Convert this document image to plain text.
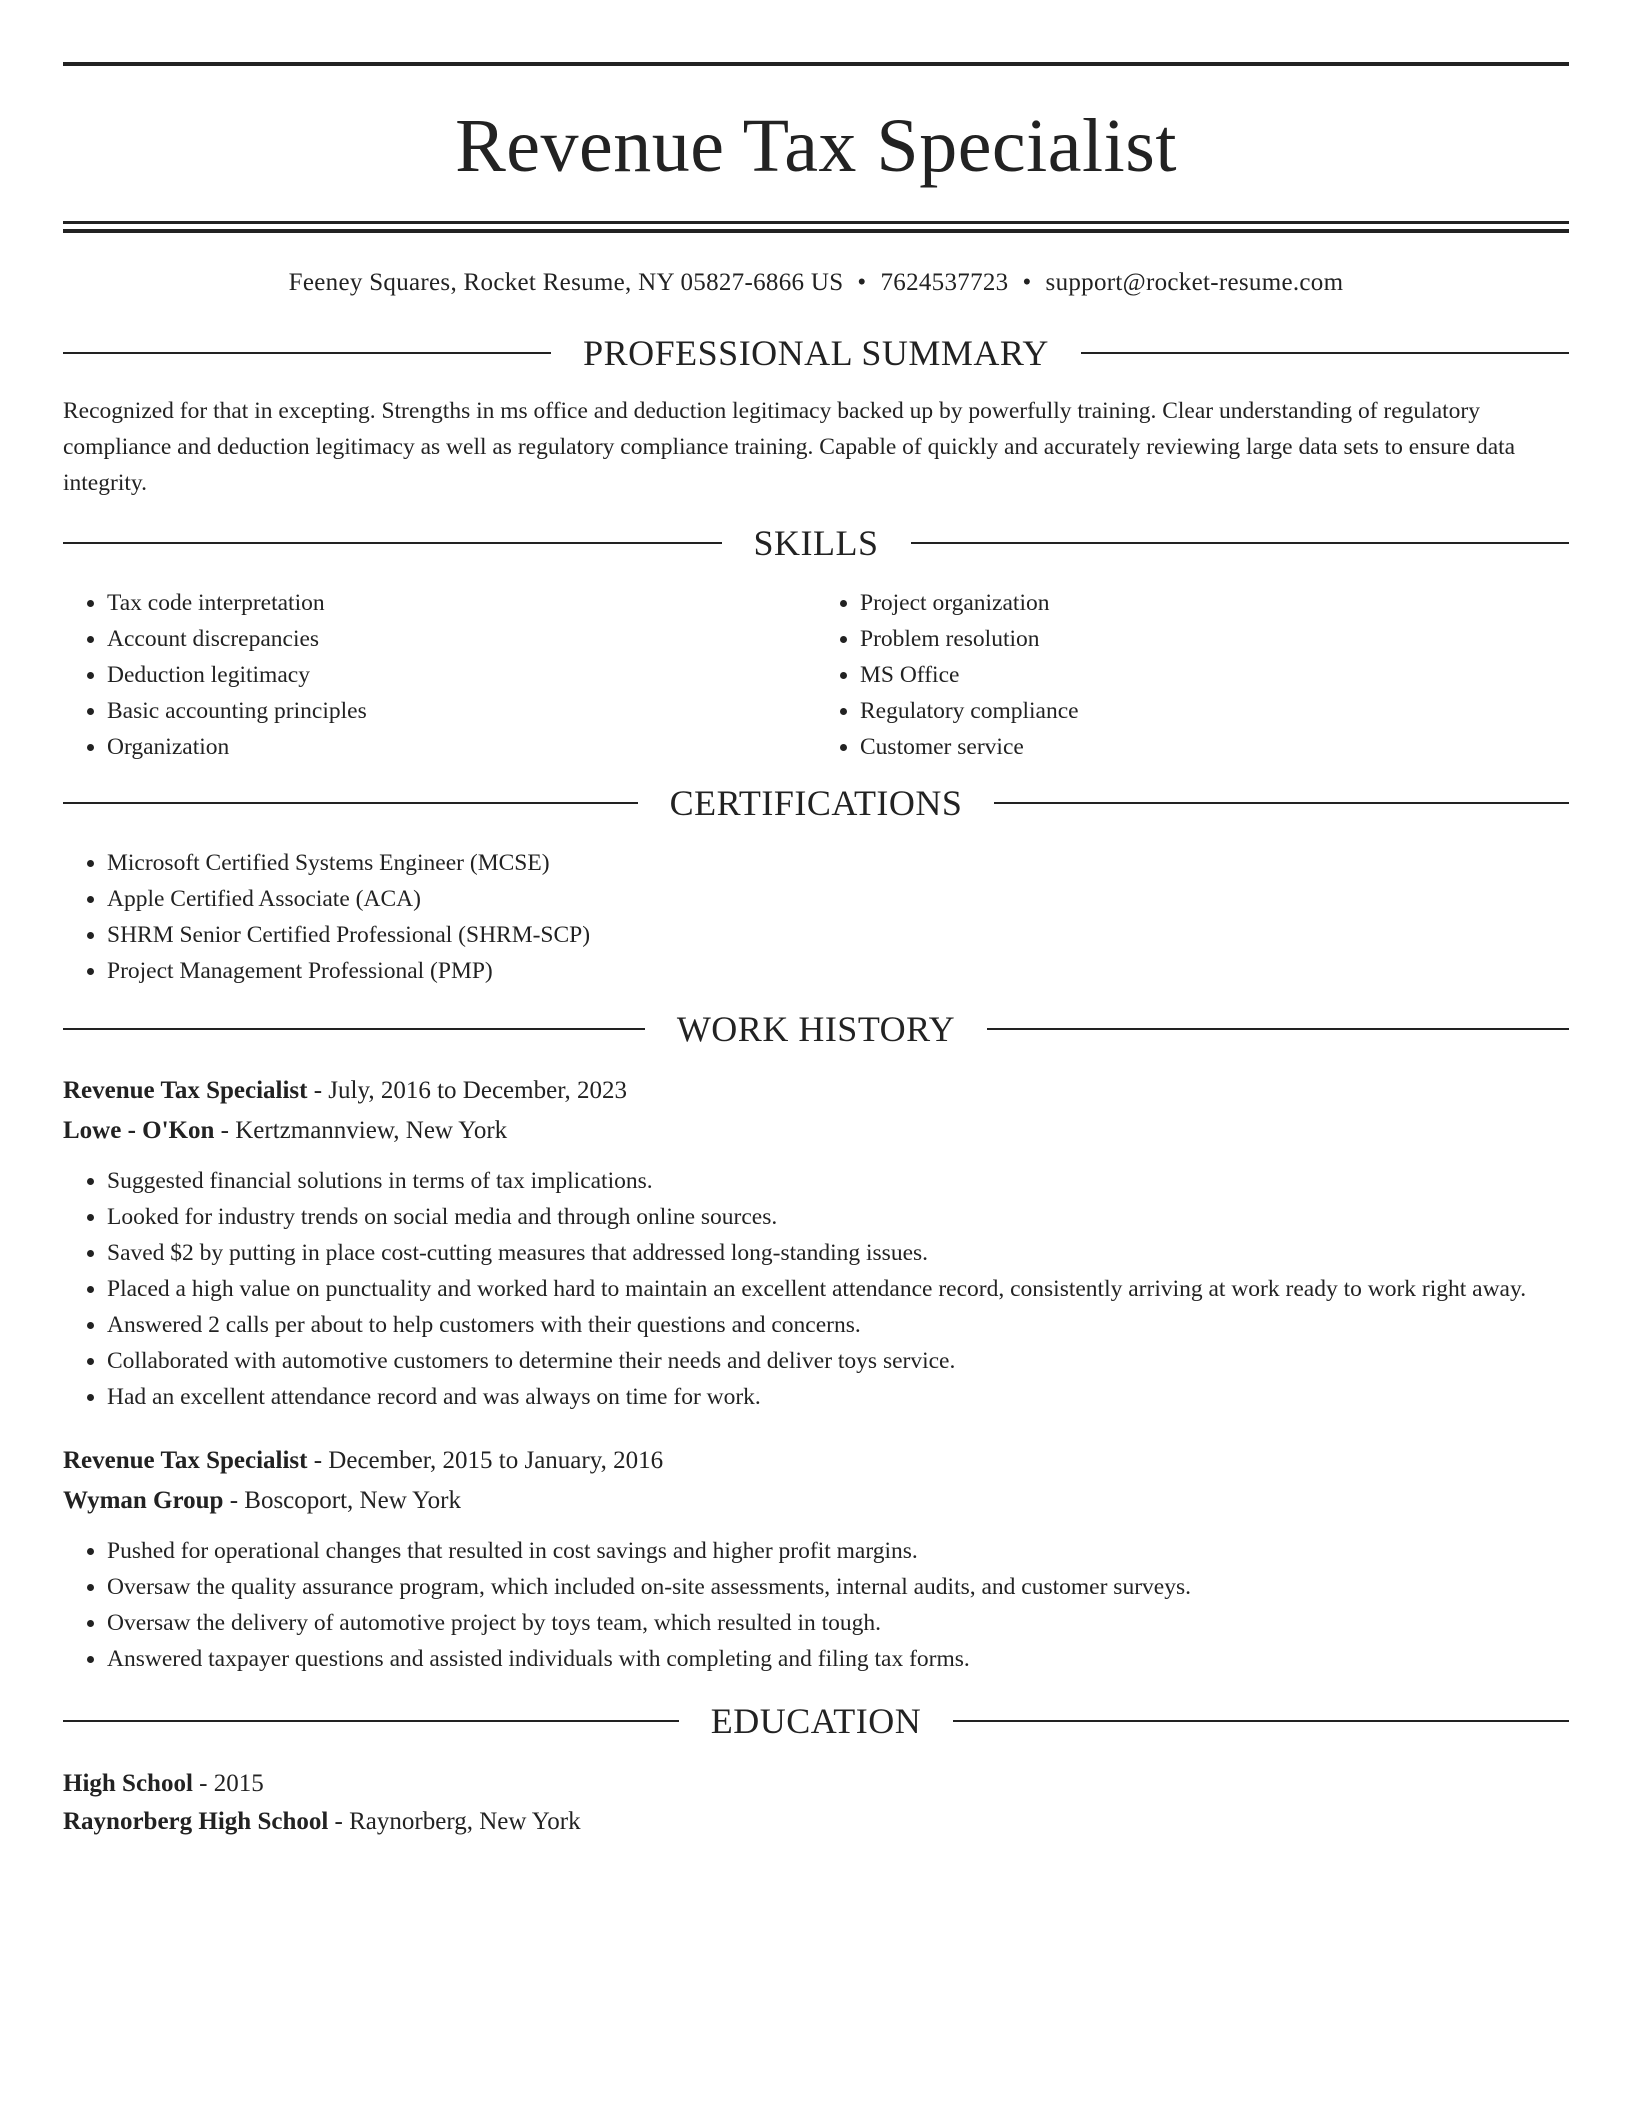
Revenue Tax Specialist
Feeney Squares, Rocket Resume, NY 05827-6866 US • 7624537723 • support@rocket-resume.com
PROFESSIONAL SUMMARY

Recognized for that in excepting. Strengths in ms office and deduction legitimacy backed up by powerfully training. Clear understanding of regulatory compliance and deduction legitimacy as well as regulatory compliance training. Capable of quickly and accurately reviewing large data sets to ensure data integrity.

SKILLS
• Tax code interpretation
• Account discrepancies
• Deduction legitimacy
• Basic accounting principles
• Organization
• Project organization
• Problem resolution
• MS Office
• Regulatory compliance
• Customer service
CERTIFICATIONS
• Microsoft Certified Systems Engineer (MCSE)
• Apple Certified Associate (ACA)
• SHRM Senior Certified Professional (SHRM-SCP)
• Project Management Professional (PMP)
WORK HISTORY
Revenue Tax Specialist - July, 2016 to December, 2023
Lowe - O'Kon - Kertzmannview, New York
• Suggested financial solutions in terms of tax implications.
• Looked for industry trends on social media and through online sources.
• Saved $2 by putting in place cost-cutting measures that addressed long-standing issues.
• Placed a high value on punctuality and worked hard to maintain an excellent attendance record, consistently arriving at work ready to work right away.
• Answered 2 calls per about to help customers with their questions and concerns.
• Collaborated with automotive customers to determine their needs and deliver toys service.
• Had an excellent attendance record and was always on time for work.
Revenue Tax Specialist - December, 2015 to January, 2016
Wyman Group - Boscoport, New York
• Pushed for operational changes that resulted in cost savings and higher profit margins.
• Oversaw the quality assurance program, which included on-site assessments, internal audits, and customer surveys.
• Oversaw the delivery of automotive project by toys team, which resulted in tough.
• Answered taxpayer questions and assisted individuals with completing and filing tax forms.
EDUCATION
High School - 2015
Raynorberg High School - Raynorberg, New York
